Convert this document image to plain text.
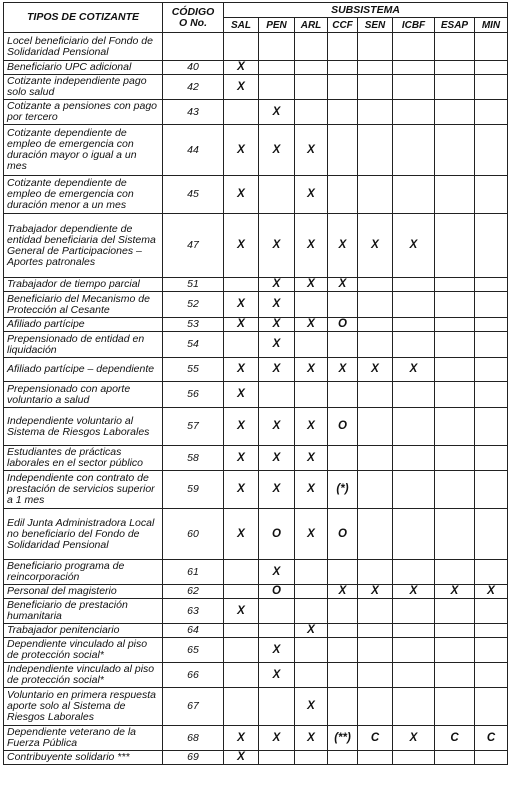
TIPOS DE COTIZANTE	CÓDIGO
O No.	SUBSISTEMA							
		SAL	PEN	ARL	CCF	SEN	ICBF	ESAP	MIN
Locel beneficiario del Fondo de Solidaridad Pensional									
Beneficiario UPC adicional	40	X							
Cotizante independiente pago solo salud	42	X							
Cotizante a pensiones con pago por tercero	43		X						
Cotizante dependiente de empleo de emergencia con duración mayor o igual a un mes	44	X	X	X					
Cotizante dependiente de empleo de emergencia con duración menor a un mes	45	X		X					
Trabajador dependiente de entidad beneficiaria del Sistema General de Participaciones – Aportes patronales	47	X	X	X	X	X	X		
Trabajador de tiempo parcial	51		X	X	X				
Beneficiario del Mecanismo de Protección al Cesante	52	X	X						
Afiliado partícipe	53	X	X	X	O				
Prepensionado de entidad en liquidación	54		X						
Afiliado partícipe – dependiente	55	X	X	X	X	X	X		
Prepensionado con aporte voluntario a salud	56	X							
Independiente voluntario al Sistema de Riesgos Laborales	57	X	X	X	O				
Estudiantes de prácticas laborales en el sector público	58	X	X	X					
Independiente con contrato de prestación de servicios superior a 1 mes	59	X	X	X	(*)				
Edil Junta Administradora Local no beneficiario del Fondo de Solidaridad Pensional	60	X	O	X	O				
Beneficiario programa de reincorporación	61		X						
Personal del magisterio	62		O		X	X	X	X	X
Beneficiario de prestación humanitaria	63	X							
Trabajador penitenciario	64			X					
Dependiente vinculado al piso de protección social*	65		X						
Independiente vinculado al piso de protección social*	66		X						
Voluntario en primera respuesta aporte solo al Sistema de Riesgos Laborales	67			X					
Dependiente veterano de la Fuerza Pública	68	X	X	X	(**)	C	X	C	C
Contribuyente solidario ***	69	X							
